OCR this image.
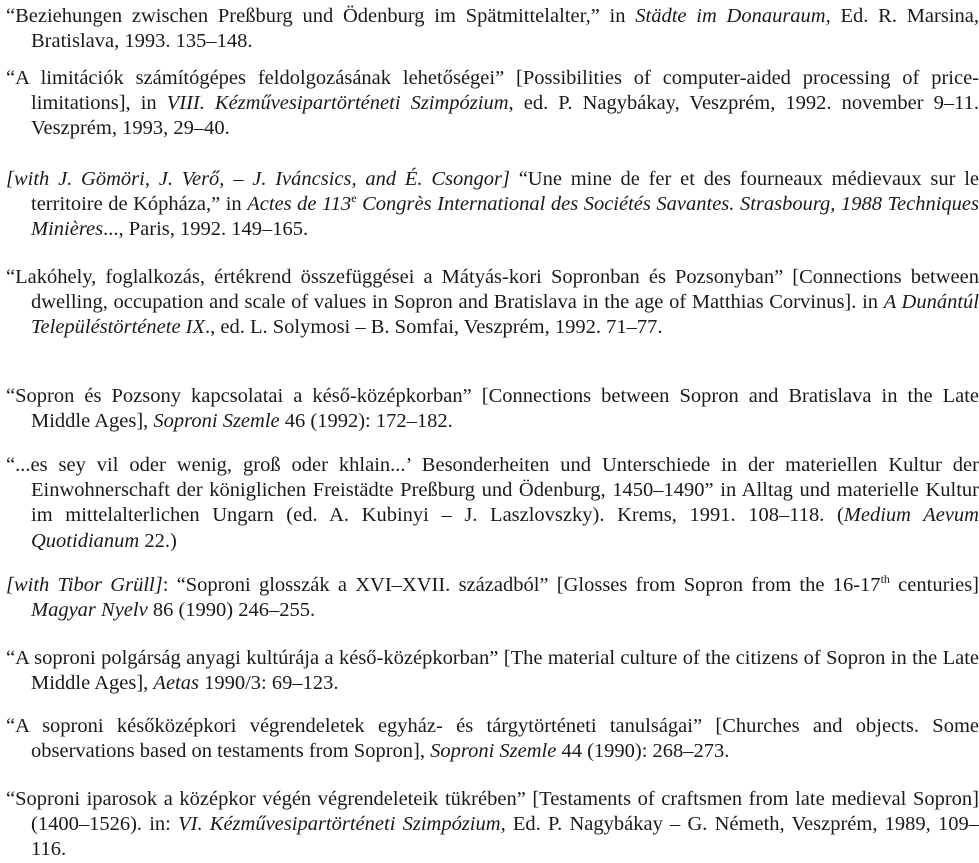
“Beziehungen zwischen Preßburg und Ödenburg im Spätmittelalter,” in Städte im Donauraum, Ed. R. Marsina, Bratislava, 1993. 135–148.

“A limitációk számítógépes feldolgozásának lehetőségei” [Possibilities of computer-aided processing of price-limitations], in VIII. Kézművesipartörténeti Szimpózium, ed. P. Nagybákay, Veszprém, 1992. november 9–11. Veszprém, 1993, 29–40.

[with J. Gömöri, J. Verő, – J. Iváncsics, and É. Csongor] “Une mine de fer et des fourneaux médievaux sur le territoire de Kópháza,” in Actes de 113e Congrès International des Sociétés Savantes. Strasbourg, 1988 Techniques Minières..., Paris, 1992. 149–165.

“Lakóhely, foglalkozás, értékrend összefüggései a Mátyás-kori Sopronban és Pozsonyban” [Connections between dwelling, occupation and scale of values in Sopron and Bratislava in the age of Matthias Corvinus]. in A Dunántúl Településtörténete IX., ed. L. Solymosi – B. Somfai, Veszprém, 1992. 71–77.

“Sopron és Pozsony kapcsolatai a késő-középkorban” [Connections between Sopron and Bratislava in the Late Middle Ages], Soproni Szemle 46 (1992): 172–182.

“...es sey vil oder wenig, groß oder khlain...’ Besonderheiten und Unterschiede in der materiellen Kultur der Einwohnerschaft der königlichen Freistädte Preßburg und Ödenburg, 1450–1490” in Alltag und materielle Kultur im mittelalterlichen Ungarn (ed. A. Kubinyi – J. Laszlovszky). Krems, 1991. 108–118. (Medium Aevum Quotidianum 22.)

[with Tibor Grüll]: “Soproni glosszák a XVI–XVII. századból” [Glosses from Sopron from the 16-17th centuries] Magyar Nyelv 86 (1990) 246–255.

“A soproni polgárság anyagi kultúrája a késő-középkorban” [The material culture of the citizens of Sopron in the Late Middle Ages], Aetas 1990/3: 69–123.

“A soproni későközépkori végrendeletek egyház- és tárgytörténeti tanulságai” [Churches and objects. Some observations based on testaments from Sopron], Soproni Szemle 44 (1990): 268–273.

“Soproni iparosok a középkor végén végrendeleteik tükrében” [Testaments of craftsmen from late medieval Sopron] (1400–1526). in: VI. Kézművesipartörténeti Szimpózium, Ed. P. Nagybákay – G. Németh, Veszprém, 1989, 109–116.
